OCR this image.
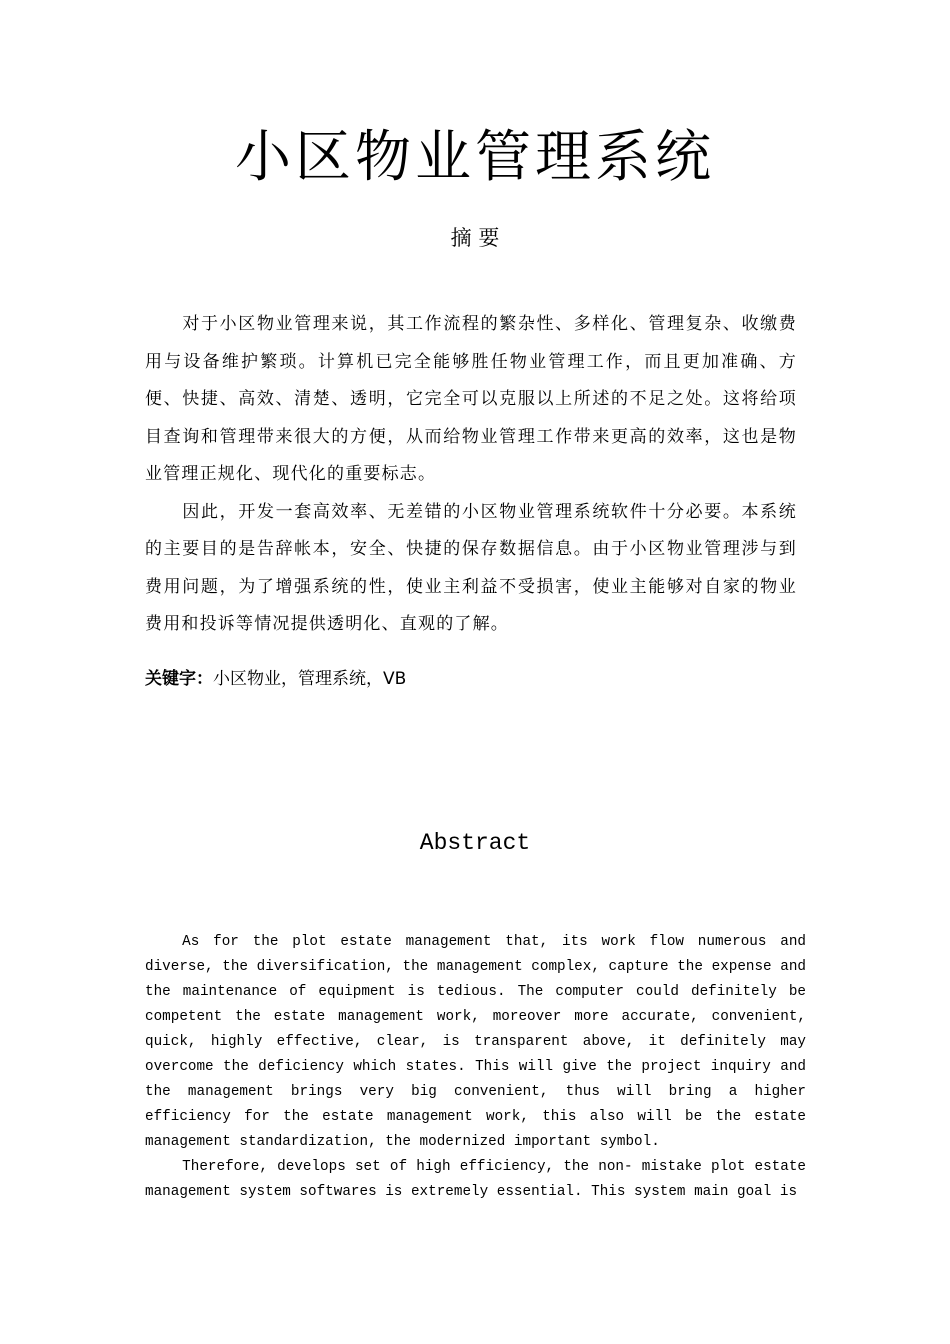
小区物业管理系统
摘 要

对于小区物业管理来说，其工作流程的繁杂性、多样化、管理复杂、收缴费用与设备维护繁琐。计算机已完全能够胜任物业管理工作，而且更加准确、方便、快捷、高效、清楚、透明，它完全可以克服以上所述的不足之处。这将给项目查询和管理带来很大的方便，从而给物业管理工作带来更高的效率，这也是物业管理正规化、现代化的重要标志。

因此，开发一套高效率、无差错的小区物业管理系统软件十分必要。本系统的主要目的是告辞帐本，安全、快捷的保存数据信息。由于小区物业管理涉与到费用问题，为了增强系统的性，使业主利益不受损害，使业主能够对自家的物业费用和投诉等情况提供透明化、直观的了解。

关键字：小区物业，管理系统，VB
Abstract

As for the plot estate management that, its work flow numerous and diverse, the diversification, the management complex, capture the expense and the maintenance of equipment is tedious. The computer could definitely be competent the estate management work, moreover more accurate, convenient, quick, highly effective, clear, is transparent above, it definitely may overcome the deficiency which states. This will give the project inquiry and the management brings very big convenient, thus will bring a higher efficiency for the estate management work, this also will be the estate management standardization, the modernized important symbol.

Therefore, develops set of high efficiency, the non- mistake plot estate management system softwares is extremely essential. This system main goal is
